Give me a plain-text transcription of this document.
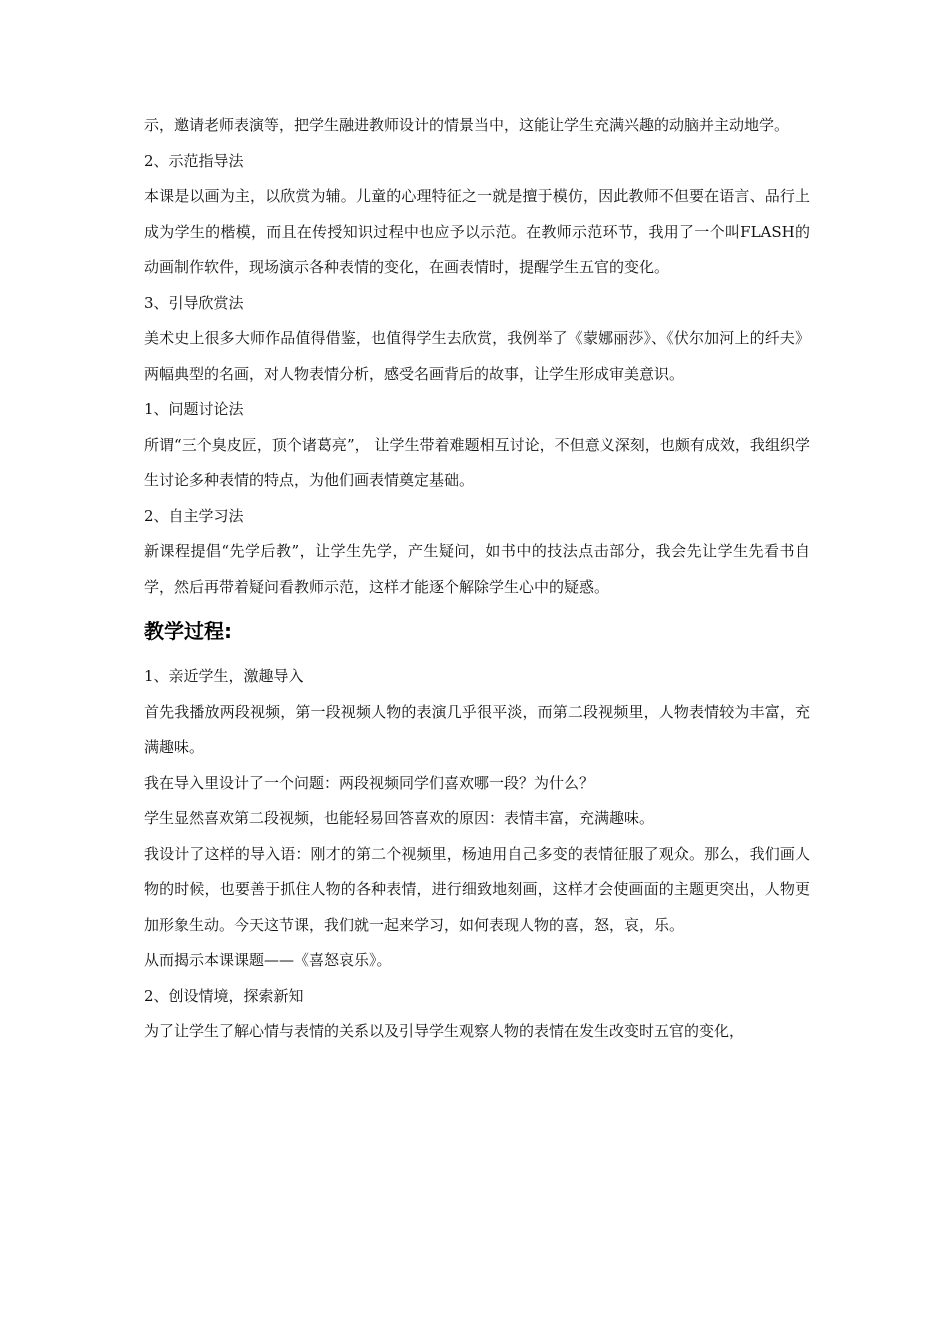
示，邀请老师表演等，把学生融进教师设计的情景当中，这能让学生充满兴趣的动脑并主动地学。

2、示范指导法

本课是以画为主，以欣赏为辅。儿童的心理特征之一就是擅于模仿，因此教师不但要在语言、品行上成为学生的楷模，而且在传授知识过程中也应予以示范。在教师示范环节，我用了一个叫FLASH的动画制作软件，现场演示各种表情的变化，在画表情时，提醒学生五官的变化。

3、引导欣赏法

美术史上很多大师作品值得借鉴，也值得学生去欣赏，我例举了《蒙娜丽莎》、《伏尔加河上的纤夫》两幅典型的名画，对人物表情分析，感受名画背后的故事，让学生形成审美意识。

1、问题讨论法

所谓“三个臭皮匠，顶个诸葛亮”， 让学生带着难题相互讨论，不但意义深刻，也颇有成效，我组织学生讨论多种表情的特点，为他们画表情奠定基础。

2、自主学习法

新课程提倡“先学后教”，让学生先学，产生疑问，如书中的技法点击部分，我会先让学生先看书自学，然后再带着疑问看教师示范，这样才能逐个解除学生心中的疑惑。

教学过程:

1、亲近学生，激趣导入

首先我播放两段视频，第一段视频人物的表演几乎很平淡，而第二段视频里，人物表情较为丰富，充满趣味。

我在导入里设计了一个问题：两段视频同学们喜欢哪一段？为什么？

学生显然喜欢第二段视频，也能轻易回答喜欢的原因：表情丰富，充满趣味。

我设计了这样的导入语：刚才的第二个视频里，杨迪用自己多变的表情征服了观众。那么，我们画人物的时候，也要善于抓住人物的各种表情，进行细致地刻画，这样才会使画面的主题更突出，人物更加形象生动。今天这节课，我们就一起来学习，如何表现人物的喜，怒，哀，乐。

从而揭示本课课题——《喜怒哀乐》。

2、创设情境，探索新知

为了让学生了解心情与表情的关系以及引导学生观察人物的表情在发生改变时五官的变化，
